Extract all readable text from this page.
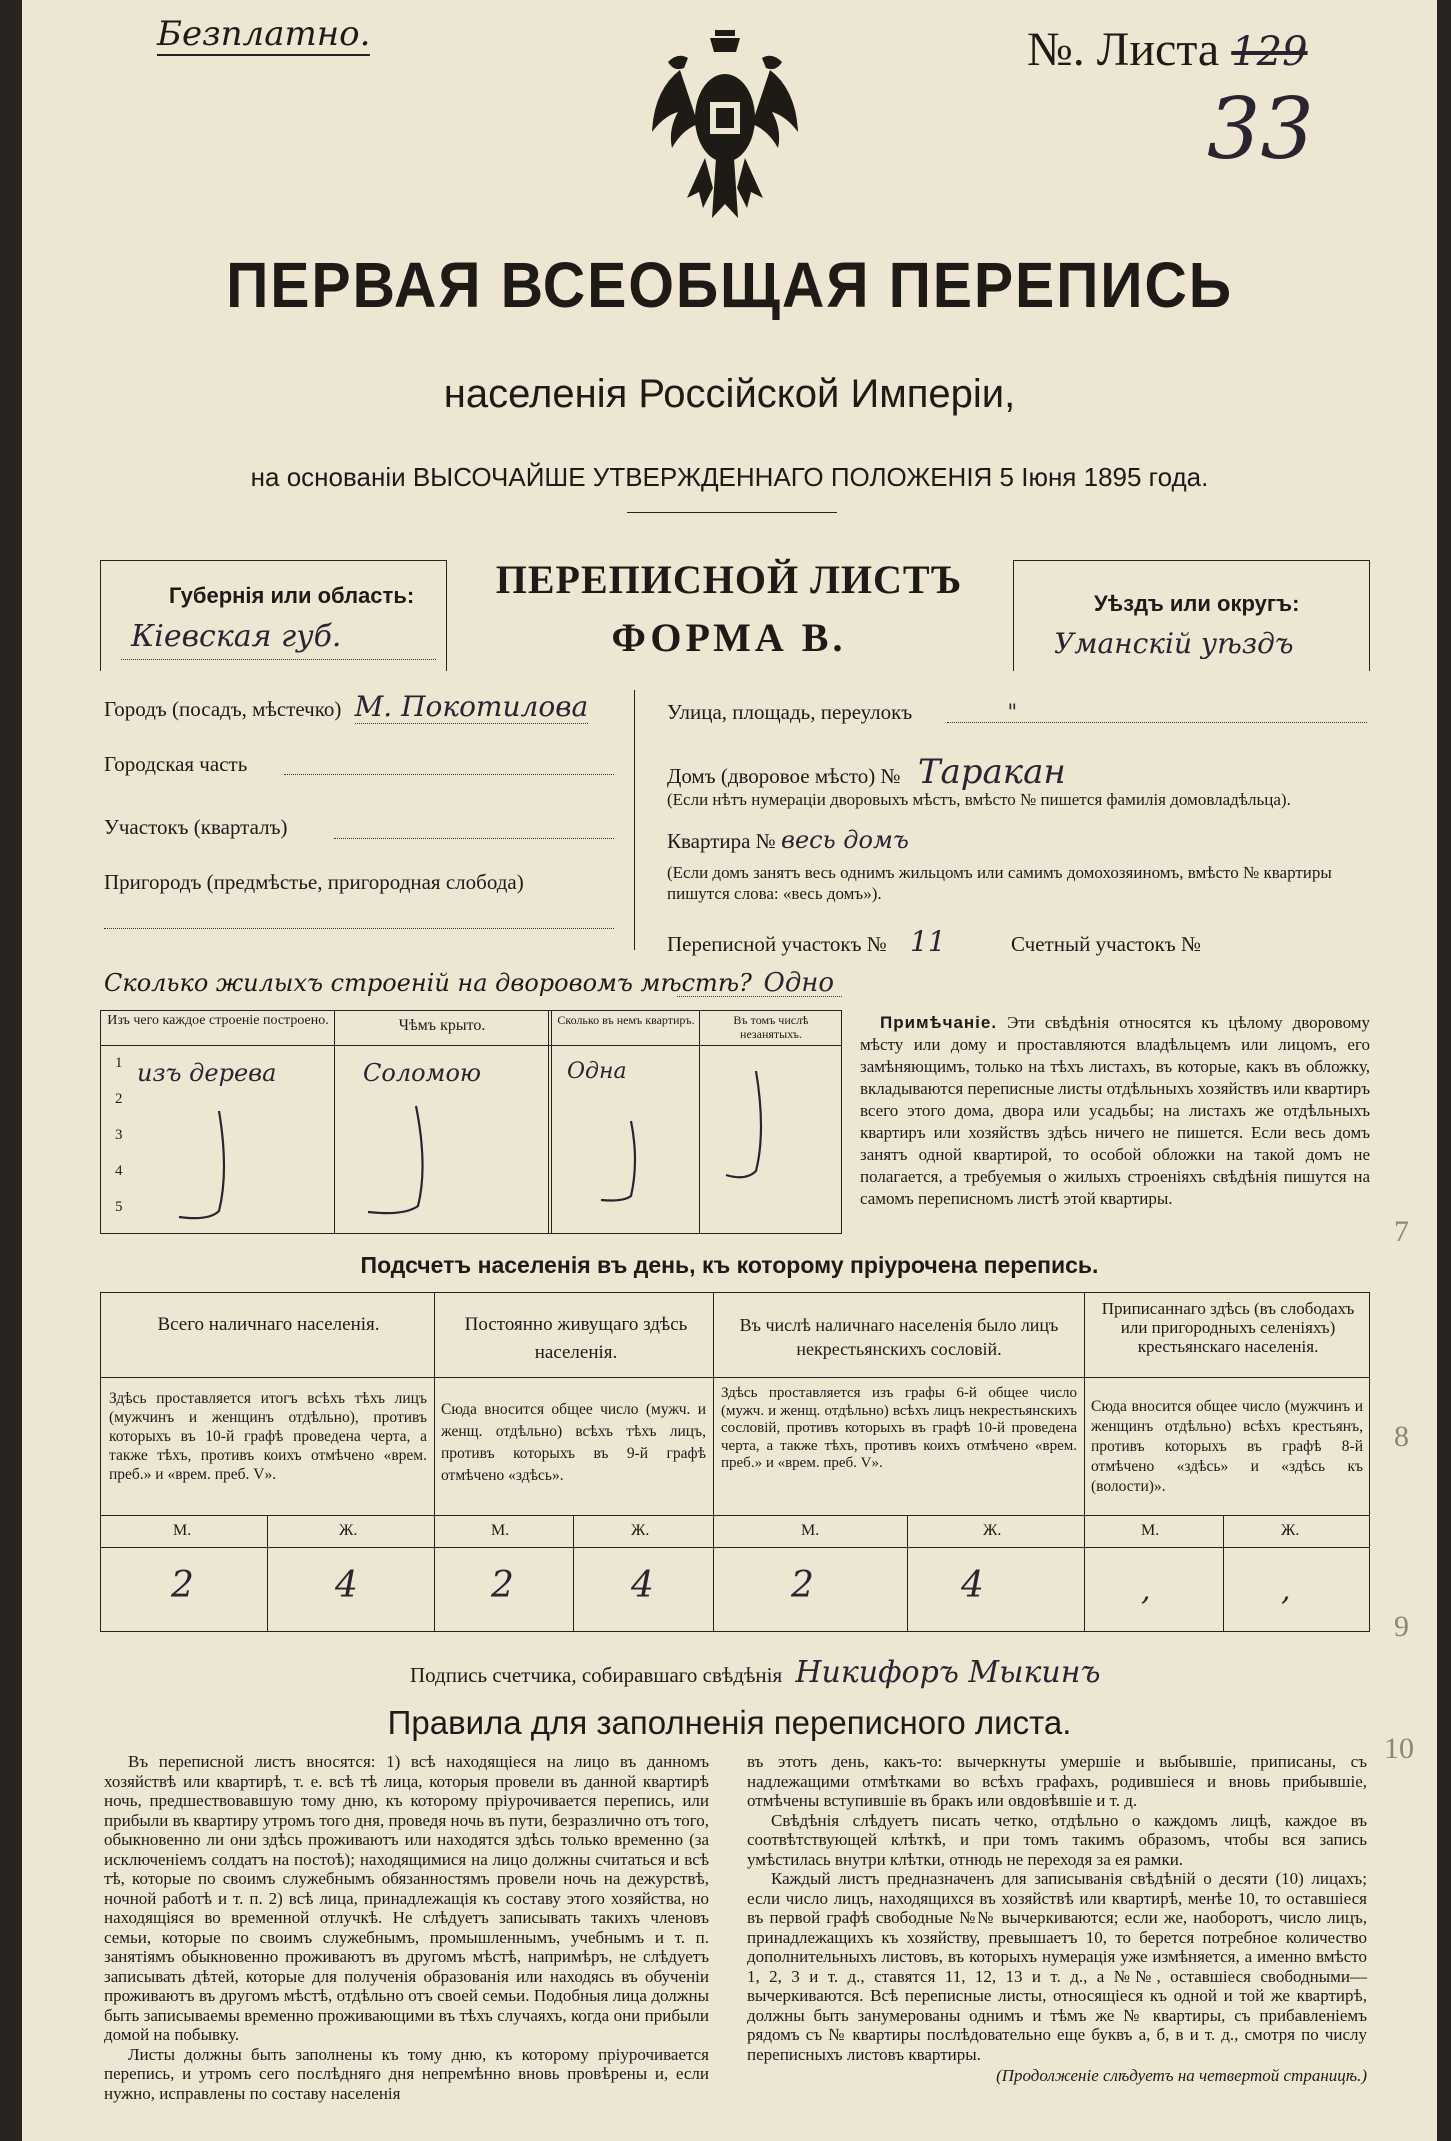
Безплатно.	№. Листа 129
33
ПЕРВАЯ ВСЕОБЩАЯ ПЕРЕПИСЬ
населенія Россійской Имперіи,
на основаніи ВЫСОЧАЙШЕ УТВЕРЖДЕННАГО ПОЛОЖЕНІЯ 5 Іюня 1895 года.
Губернія или область:
Кіевская губ.
ПЕРЕПИСНОЙ ЛИСТЪ
ФОРМА В.
Уѣздъ или округъ:
Уманскій уѣздъ
Городъ (посадъ, мѣстечко) М. Покотилова
Городская часть
Участокъ (кварталъ)
Пригородъ (предмѣстье, пригородная слобода)
Улица, площадь, переулокъ	"
Домъ (дворовое мѣсто) № Таракан
(Если нѣтъ нумераціи дворовыхъ мѣстъ, вмѣсто № пишется фамилія домовладѣльца).
Квартира № весь домъ
(Если домъ занятъ весь однимъ жильцомъ или самимъ домохозяиномъ, вмѣсто № квартиры пишутся слова: «весь домъ»).
Переписной участокъ № 11	Счетный участокъ №
Сколько жилыхъ строеній на дворовомъ мѣстѣ? Одно
Изъ чего каждое строеніе построено.	Чѣмъ крыто.	Сколько въ немъ квартиръ.	Въ томъ числѣ незанятыхъ.
1
2
3
4
5
изъ дерева	Соломою	Одна
Примѣчаніе. Эти свѣдѣнія относятся къ цѣлому дворовому мѣсту или дому и проставляются владѣльцемъ или лицомъ, его замѣняющимъ, только на тѣхъ листахъ, въ которые, какъ въ обложку, вкладываются переписные листы отдѣльныхъ хозяйствъ или квартиръ всего этого дома, двора или усадьбы; на листахъ же отдѣльныхъ квартиръ или хозяйствъ здѣсь ничего не пишется. Если весь домъ занятъ одной квартирой, то особой обложки на такой домъ не полагается, а требуемыя о жилыхъ строеніяхъ свѣдѣнія пишутся на самомъ переписномъ листѣ этой квартиры.
Подсчетъ населенія въ день, къ которому пріурочена перепись.
Всего наличнаго населенія.
Здѣсь проставляется итогъ всѣхъ тѣхъ лицъ (мужчинъ и женщинъ отдѣльно), противъ которыхъ въ 10-й графѣ проведена черта, а также тѣхъ, противъ коихъ отмѣчено «врем. преб.» и «врем. преб. V».
М.	Ж.
2	4
Постоянно живущаго здѣсь населенія.
Сюда вносится общее число (мужч. и женщ. отдѣльно) всѣхъ тѣхъ лицъ, противъ которыхъ въ 9-й графѣ отмѣчено «здѣсь».
М.	Ж.
2	4
Въ числѣ наличнаго населенія было лицъ некрестьянскихъ сословій.
Здѣсь проставляется изъ графы 6-й общее число (мужч. и женщ. отдѣльно) всѣхъ лицъ некрестьянскихъ сословій, противъ которыхъ въ графѣ 10-й проведена черта, а также тѣхъ, противъ коихъ отмѣчено «врем. преб.» и «врем. преб. V».
М.	Ж.
2	4
Приписаннаго здѣсь (въ слободахъ или пригородныхъ селеніяхъ) крестьянскаго населенія.
Сюда вносится общее число (мужчинъ и женщинъ отдѣльно) всѣхъ крестьянъ, противъ которыхъ въ графѣ 8-й отмѣчено «здѣсь» и «здѣсь къ (волости)».
М.	Ж.
,	,
Подпись счетчика, собиравшаго свѣдѣнія Никифоръ Мыкинъ
Правила для заполненія переписного листа.
Въ переписной листъ вносятся: 1) всѣ находящіеся на лицо въ данномъ хозяйствѣ или квартирѣ, т. е. всѣ тѣ лица, которыя провели въ данной квартирѣ ночь, предшествовавшую тому дню, къ которому пріурочивается перепись, или прибыли въ квартиру утромъ того дня, проведя ночь въ пути, безразлично отъ того, обыкновенно ли они здѣсь проживаютъ или находятся здѣсь только временно (за исключеніемъ солдатъ на постоѣ); находящимися на лицо должны считаться и всѣ тѣ, которые по своимъ служебнымъ обязанностямъ провели ночь на дежурствѣ, ночной работѣ и т. п. 2) всѣ лица, принадлежащія къ составу этого хозяйства, но находящіяся во временной отлучкѣ. Не слѣдуетъ записывать такихъ членовъ семьи, которые по своимъ служебнымъ, промышленнымъ, учебнымъ и т. п. занятіямъ обыкновенно проживаютъ въ другомъ мѣстѣ, напримѣръ, не слѣдуетъ записывать дѣтей, которые для полученія образованія или находясь въ обученіи проживаютъ въ другомъ мѣстѣ, отдѣльно отъ своей семьи. Подобныя лица должны быть записываемы временно проживающими въ тѣхъ случаяхъ, когда они прибыли домой на побывку.
Листы должны быть заполнены къ тому дню, къ которому пріурочивается перепись, и утромъ сего послѣдняго дня непремѣнно вновь провѣрены и, если нужно, исправлены по составу населенія
въ этотъ день, какъ-то: вычеркнуты умершіе и выбывшіе, приписаны, съ надлежащими отмѣтками во всѣхъ графахъ, родившіеся и вновь прибывшіе, отмѣчены вступившіе въ бракъ или овдовѣвшіе и т. д.
Свѣдѣнія слѣдуетъ писать четко, отдѣльно о каждомъ лицѣ, каждое въ соотвѣтствующей клѣткѣ, и при томъ такимъ образомъ, чтобы вся запись умѣстилась внутри клѣтки, отнюдь не переходя за ея рамки.
Каждый листъ предназначенъ для записыванія свѣдѣній о десяти (10) лицахъ; если число лицъ, находящихся въ хозяйствѣ или квартирѣ, менѣе 10, то оставшіеся въ первой графѣ свободные №№ вычеркиваются; если же, наоборотъ, число лицъ, принадлежащихъ къ хозяйству, превышаетъ 10, то берется потребное количество дополнительныхъ листовъ, въ которыхъ нумерація уже измѣняется, а именно вмѣсто 1, 2, 3 и т. д., ставятся 11, 12, 13 и т. д., а №№, оставшіеся свободными—вычеркиваются. Всѣ переписные листы, относящіеся къ одной и той же квартирѣ, должны быть занумерованы однимъ и тѣмъ же № квартиры, съ прибавленіемъ рядомъ съ № квартиры послѣдовательно еще буквъ а, б, в и т. д., смотря по числу переписныхъ листовъ квартиры.
(Продолженіе слѣдуетъ на четвертой страницѣ.)
7
8
9
10
